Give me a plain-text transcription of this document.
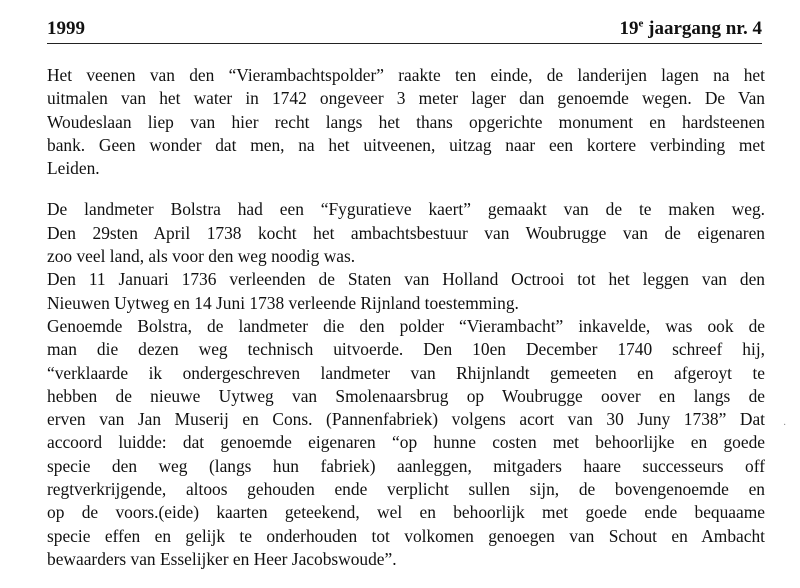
1999	19e jaargang nr. 4
Het veenen van den “Vierambachtspolder” raakte ten einde, de landerijen lagen na het
uitmalen van het water in 1742 ongeveer 3 meter lager dan genoemde wegen. De Van
Woudeslaan liep van hier recht langs het thans opgerichte monument en hardsteenen
bank. Geen wonder dat men, na het uitveenen, uitzag naar een kortere verbinding met
Leiden.
De landmeter Bolstra had een “Fyguratieve kaert” gemaakt van de te maken weg.
Den 29sten April 1738 kocht het ambachtsbestuur van Woubrugge van de eigenaren
zoo veel land, als voor den weg noodig was.
Den 11 Januari 1736 verleenden de Staten van Holland Octrooi tot het leggen van den
Nieuwen Uytweg en 14 Juni 1738 verleende Rijnland toestemming.
Genoemde Bolstra, de landmeter die den polder “Vierambacht” inkavelde, was ook de
man die dezen weg technisch uitvoerde. Den 10en December 1740 schreef hij,
“verklaarde ik ondergeschreven landmeter van Rhijnlandt gemeeten en afgeroyt te
hebben de nieuwe Uytweg van Smolenaarsbrug op Woubrugge oover en langs de
erven van Jan Muserij en Cons. (Pannenfabriek) volgens acort van 30 Juny 1738” Dat
accoord luidde: dat genoemde eigenaren “op hunne costen met behoorlijke en goede
specie den weg (langs hun fabriek) aanleggen, mitgaders haare successeurs off
regtverkrijgende, altoos gehouden ende verplicht sullen sijn, de bovengenoemde en
op de voors.(eide) kaarten geteekend, wel en behoorlijk met goede ende bequaame
specie effen en gelijk te onderhouden tot volkomen genoegen van Schout en Ambacht
bewaarders van Esselijker en Heer Jacobswoude”.
·
